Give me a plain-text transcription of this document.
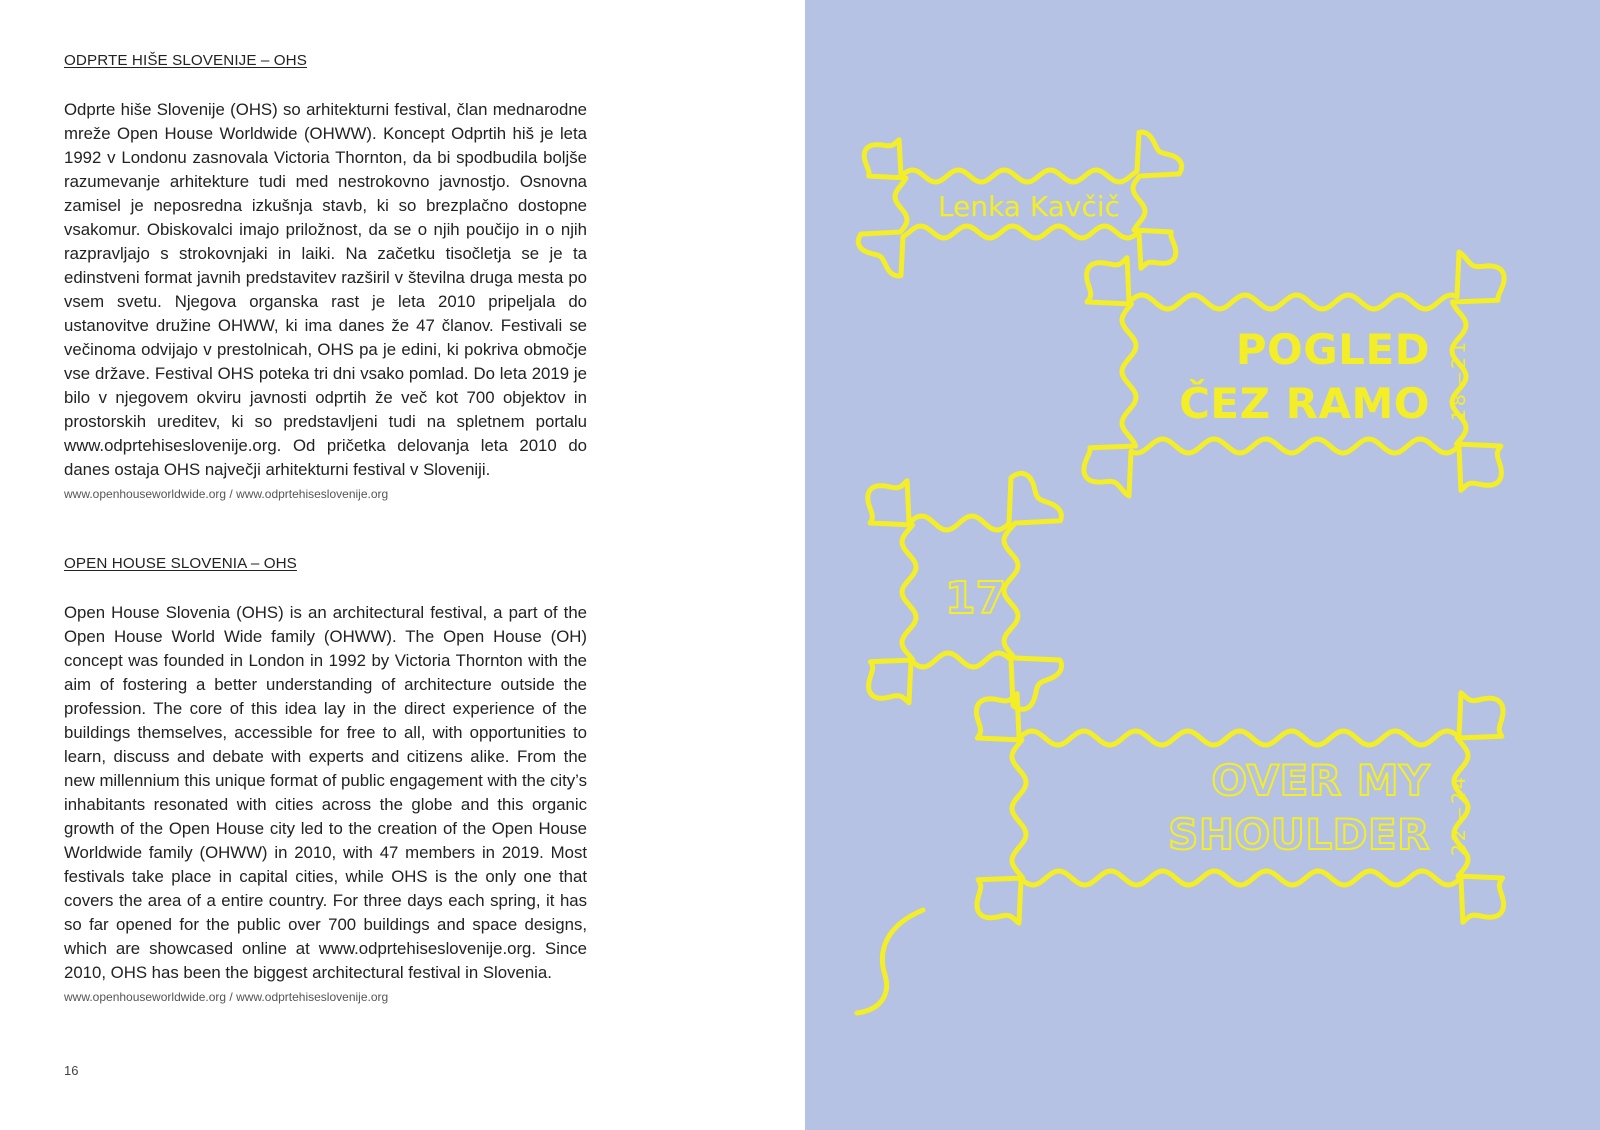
ODPRTE HIŠE SLOVENIJE – OHS

Odprte hiše Slovenije (OHS) so arhitekturni festival, član mednarodne mreže Open House Worldwide (OHWW). Koncept Odprtih hiš je leta 1992 v Londonu zasnovala Victoria Thornton, da bi spodbudila boljše razumevanje arhitekture tudi med nestrokovno javnostjo. Osnovna zamisel je neposredna izkušnja stavb, ki so brezplačno dostopne vsakomur. Obiskovalci imajo priložnost, da se o njih poučijo in o njih razpravljajo s strokovnjaki in laiki. Na začetku tisočletja se je ta edinstveni format javnih predstavitev razširil v številna druga mesta po vsem svetu. Njegova organska rast je leta 2010 pripeljala do ustanovitve družine OHWW, ki ima danes že 47 članov. Festivali se večinoma odvijajo v prestolnicah, OHS pa je edini, ki pokriva območje vse države. Festival OHS poteka tri dni vsako pomlad. Do leta 2019 je bilo v njegovem okviru javnosti odprtih že več kot 700 objektov in prostorskih ureditev, ki so predstavljeni tudi na spletnem portalu www.odprtehiseslovenije.org. Od pričetka delovanja leta 2010 do danes ostaja OHS največji arhitekturni festival v Sloveniji.

www.openhouseworldwide.org / www.odprtehiseslovenije.org

OPEN HOUSE SLOVENIA – OHS

Open House Slovenia (OHS) is an architectural festival, a part of the Open House World Wide family (OHWW). The Open House (OH) concept was founded in London in 1992 by Victoria Thornton with the aim of fostering a better understanding of architecture outside the profession. The core of this idea lay in the direct experience of the buildings themselves, accessible for free to all, with opportunities to learn, discuss and debate with experts and citizens alike. From the new millennium this unique format of public engagement with the city’s inhabitants resonated with cities across the globe and this organic growth of the Open House city led to the creation of the Open House Worldwide family (OHWW) in 2010, with 47 members in 2019. Most festivals take place in capital cities, while OHS is the only one that covers the area of a entire country. For three days each spring, it has so far opened for the public over 700 buildings and space designs, which are showcased online at www.odprtehiseslovenije.org. Since 2010, OHS has been the biggest architectural festival in Slovenia.

www.openhouseworldwide.org / www.odprtehiseslovenije.org
16
Lenka Kavčič
POGLED
ČEZ RAMO 18—21
17
OVER MY
SHOULDER 22—24
